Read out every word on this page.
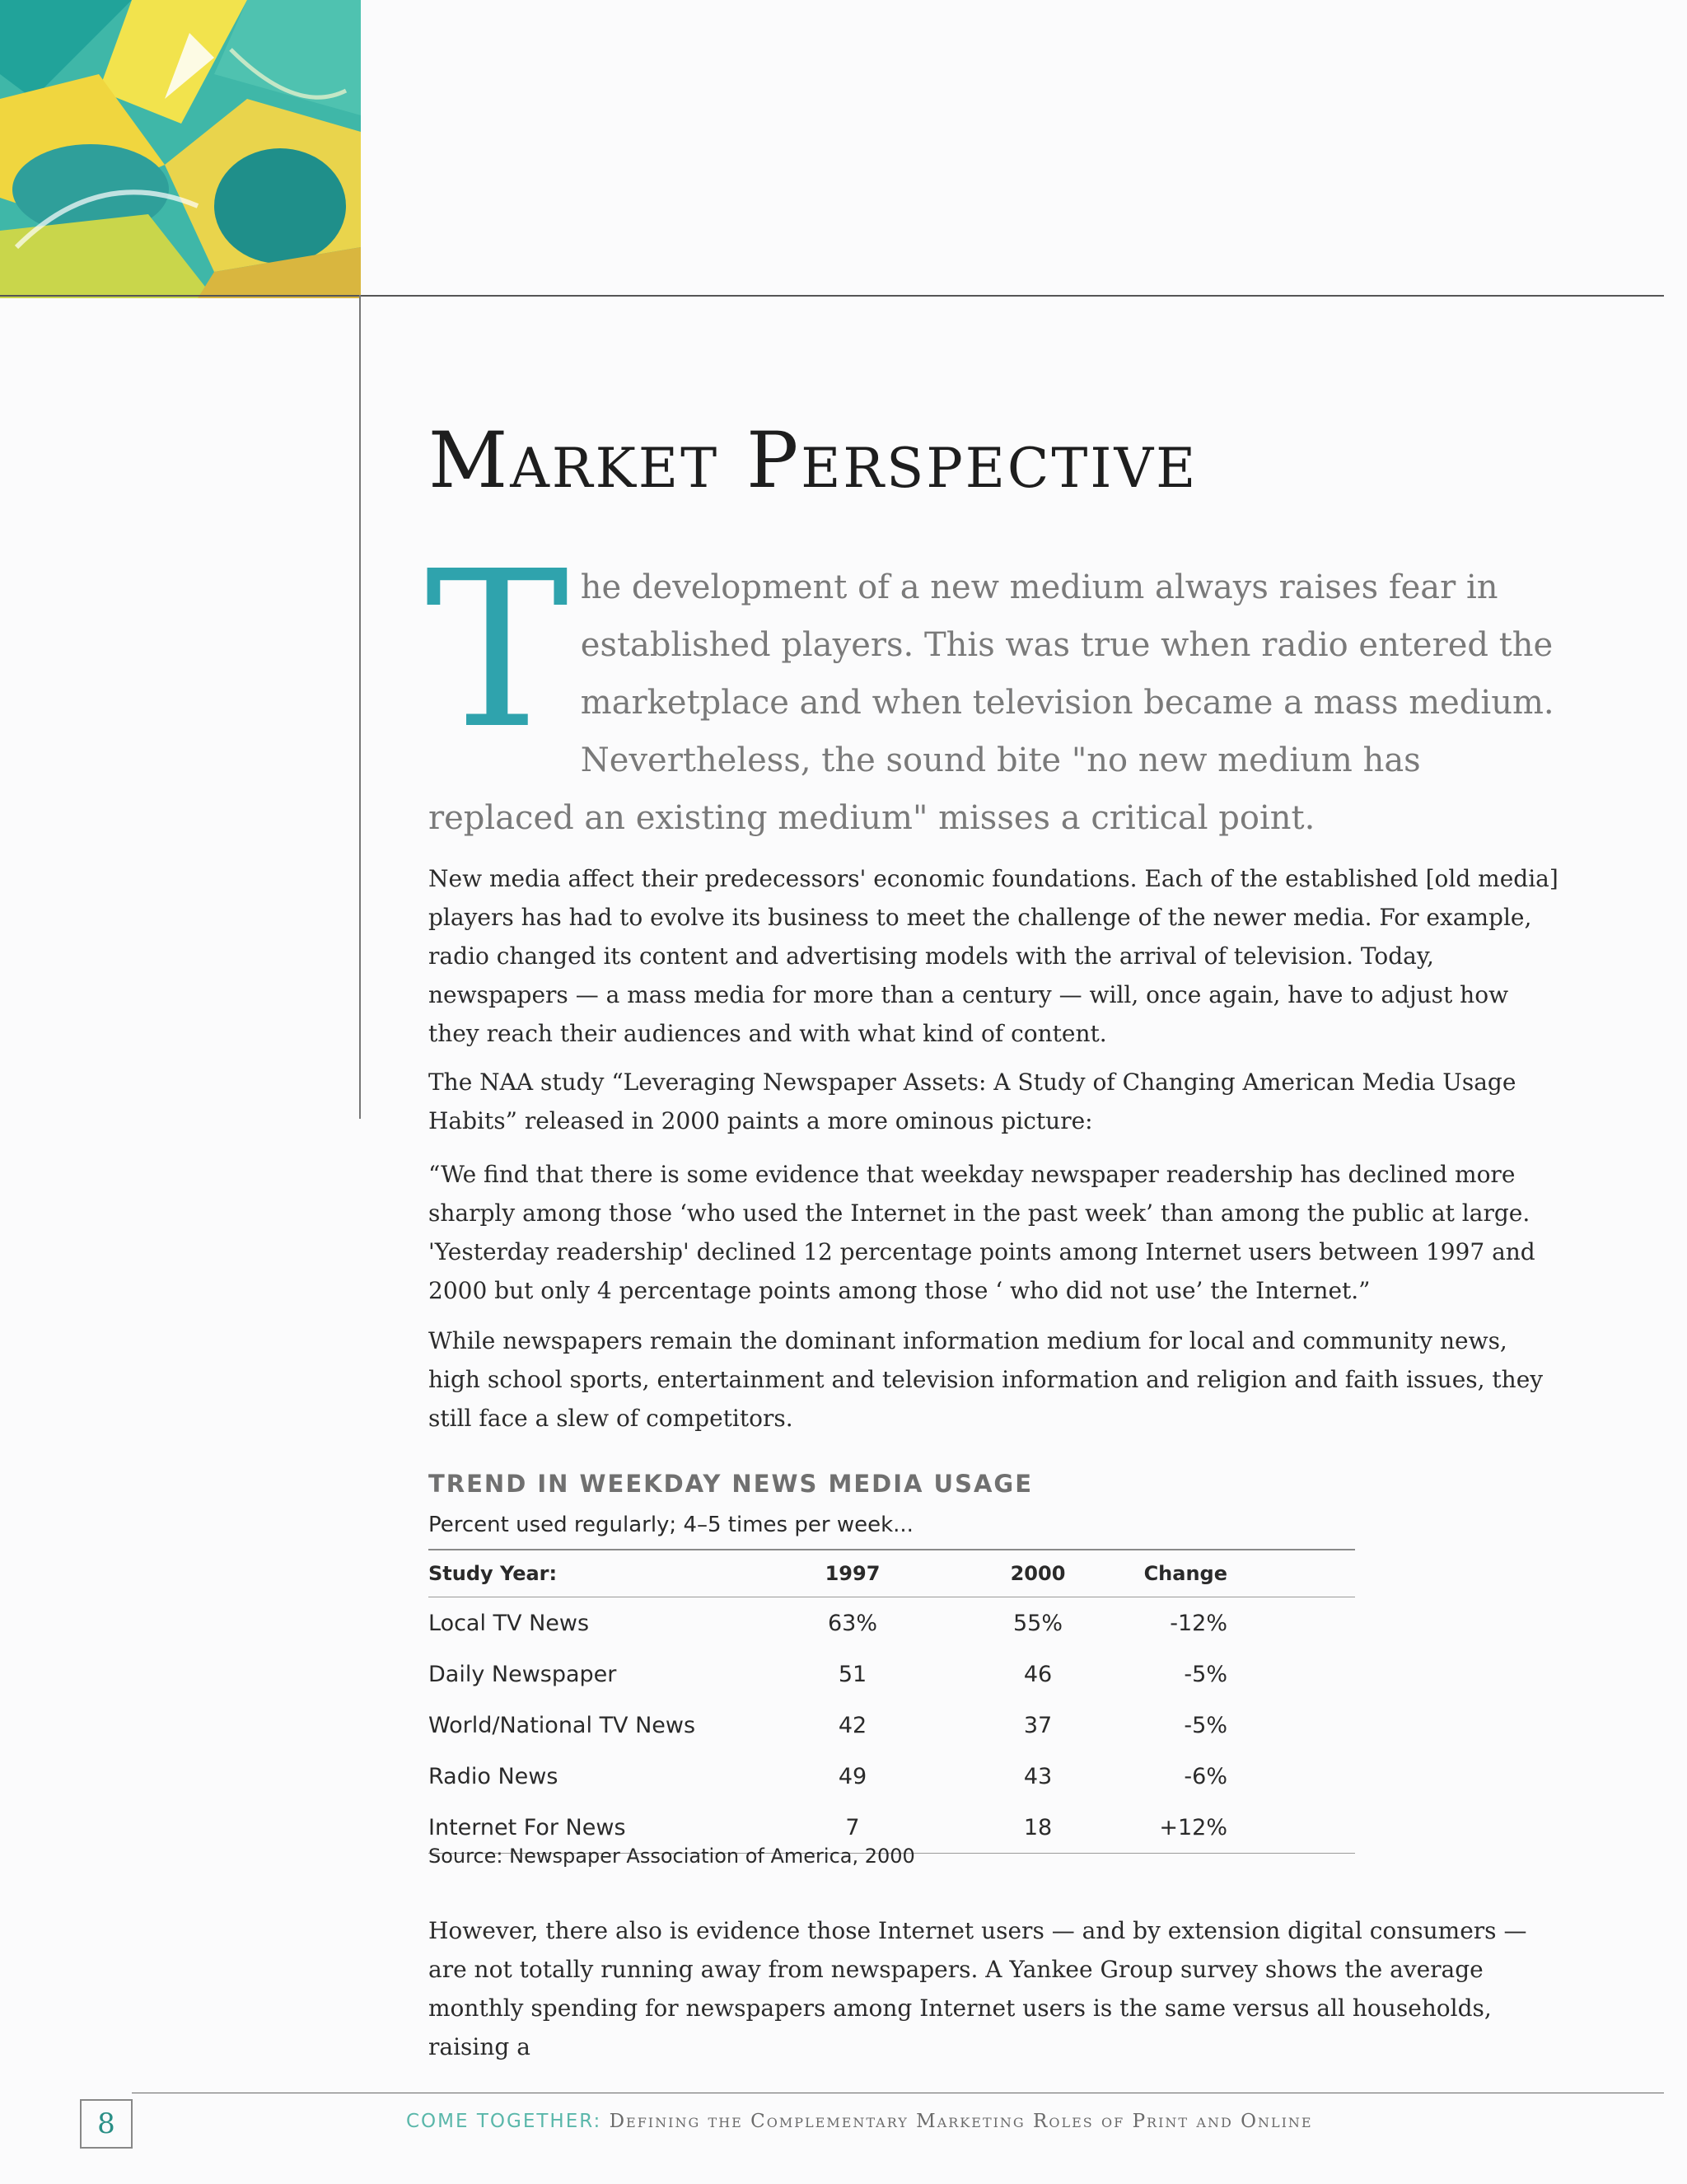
Market Perspective
The development of a new medium always raises fear in established players. This was true when radio entered the marketplace and when television became a mass medium. Nevertheless, the sound bite "no new medium has replaced an existing medium" misses a critical point.

New media affect their predecessors' economic foundations. Each of the established [old media] players has had to evolve its business to meet the challenge of the newer media. For example, radio changed its content and advertising models with the arrival of television. Today, newspapers — a mass media for more than a century — will, once again, have to adjust how they reach their audiences and with what kind of content.

The NAA study “Leveraging Newspaper Assets: A Study of Changing American Media Usage Habits” released in 2000 paints a more ominous picture:

“We find that there is some evidence that weekday newspaper readership has declined more sharply among those ‘who used the Internet in the past week’ than among the public at large. 'Yesterday readership' declined 12 percentage points among Internet users between 1997 and 2000 but only 4 percentage points among those ‘ who did not use’ the Internet.”

While newspapers remain the dominant information medium for local and community news, high school sports, entertainment and television information and religion and faith issues, they still face a slew of competitors.

TREND IN WEEKDAY NEWS MEDIA USAGE
Percent used regularly; 4–5 times per week...
Study Year:	1997	2000	Change
Local TV News	63%	55%	-12%
Daily Newspaper	51	46	-5%
World/National TV News	42	37	-5%
Radio News	49	43	-6%
Internet For News	7	18	+12%
Source: Newspaper Association of America, 2000

However, there also is evidence those Internet users — and by extension digital consumers — are not totally running away from newspapers. A Yankee Group survey shows the average monthly spending for newspapers among Internet users is the same versus all households, raising a

8	COME TOGETHER: Defining the Complementary Marketing Roles of Print and Online
